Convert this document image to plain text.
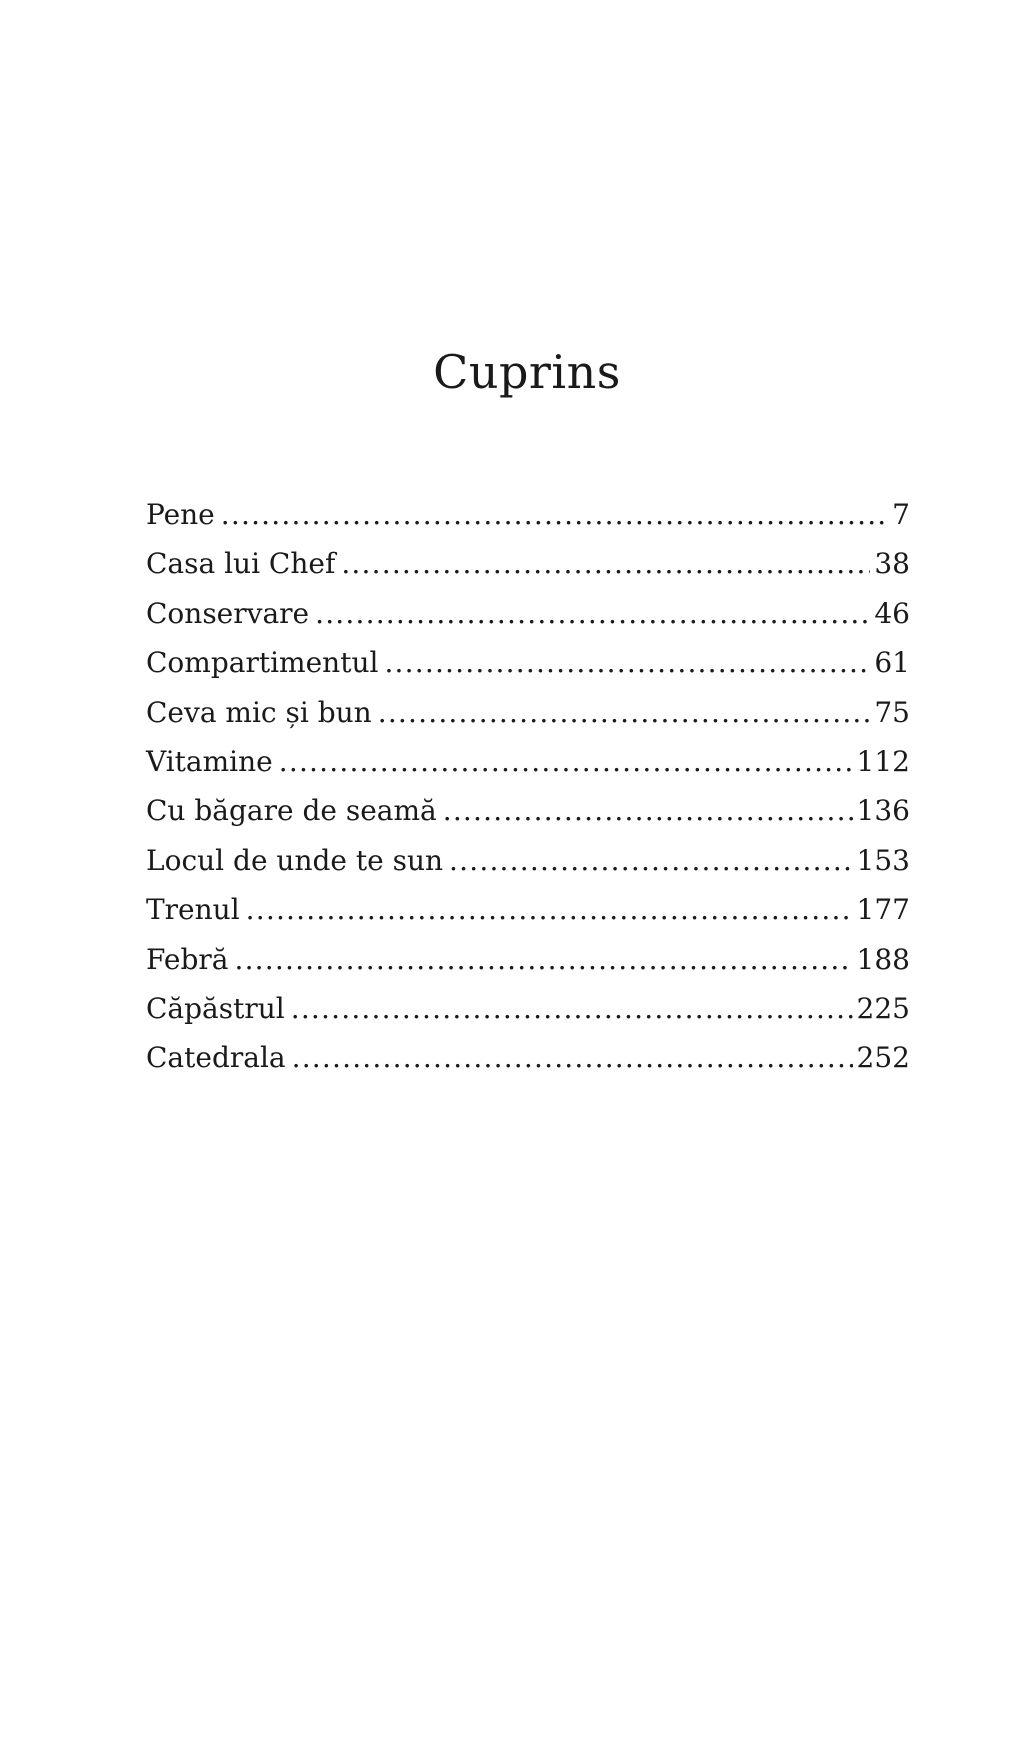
Cuprins
Pene .....	7
Casa lui Chef .....	38
Conservare .....	46
Compartimentul .....	61
Ceva mic și bun .....	75
Vitamine .....	112
Cu băgare de seamă .....	136
Locul de unde te sun .....	153
Trenul .....	177
Febră .....	188
Căpăstrul .....	225
Catedrala .....	252
